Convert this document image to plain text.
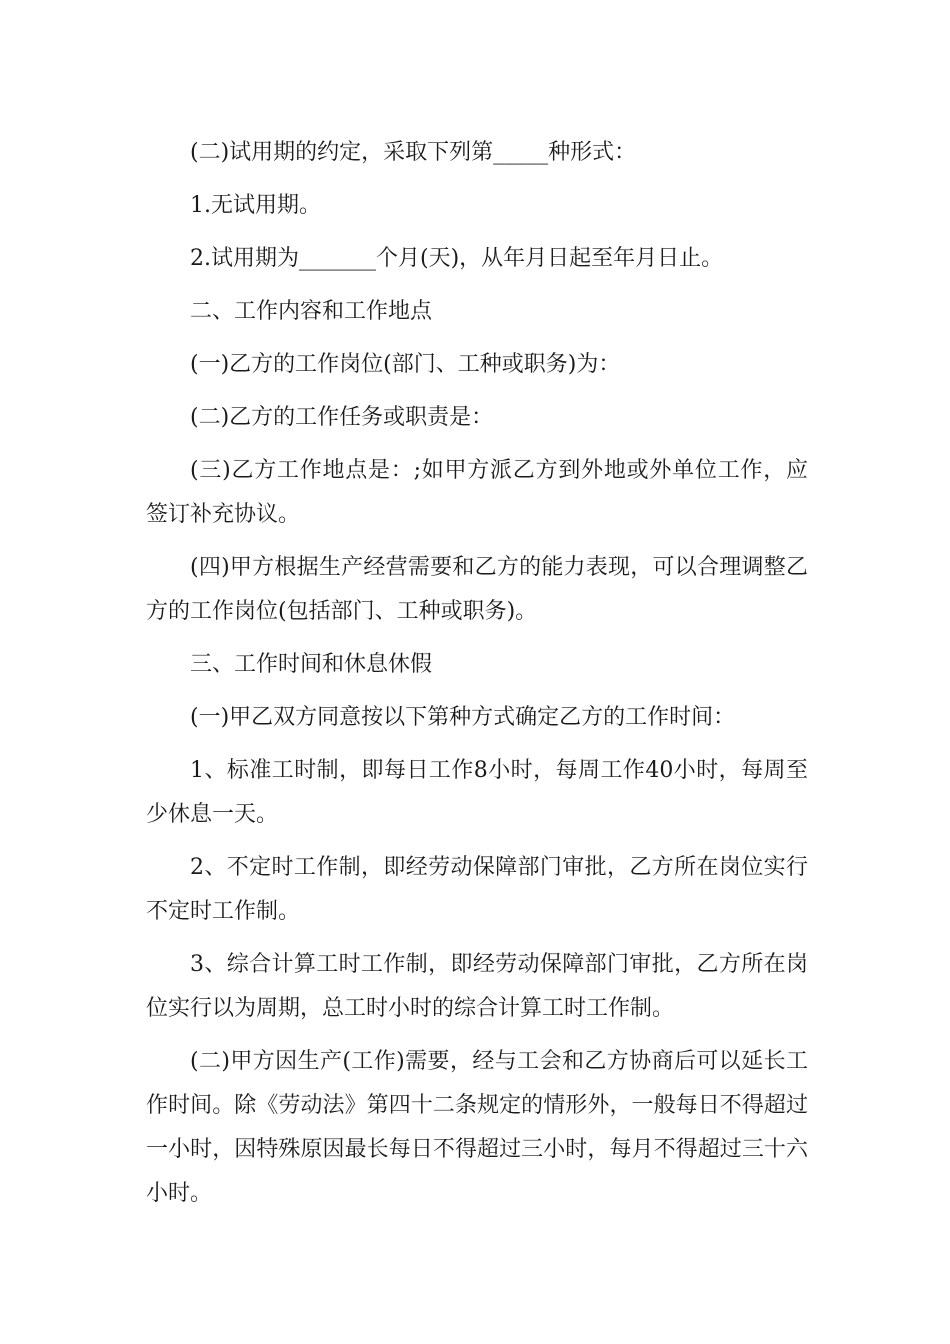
(二)试用期的约定，采取下列第_____种形式：

1.无试用期。

2.试用期为_______个月(天)，从年月日起至年月日止。

二、工作内容和工作地点

(一)乙方的工作岗位(部门、工种或职务)为：

(二)乙方的工作任务或职责是：

(三)乙方工作地点是：;如甲方派乙方到外地或外单位工作，应签订补充协议。

(四)甲方根据生产经营需要和乙方的能力表现，可以合理调整乙方的工作岗位(包括部门、工种或职务)。

三、工作时间和休息休假

(一)甲乙双方同意按以下第种方式确定乙方的工作时间：

1、标准工时制，即每日工作8小时，每周工作40小时，每周至少休息一天。

2、不定时工作制，即经劳动保障部门审批，乙方所在岗位实行不定时工作制。

3、综合计算工时工作制，即经劳动保障部门审批，乙方所在岗位实行以为周期，总工时小时的综合计算工时工作制。

(二)甲方因生产(工作)需要，经与工会和乙方协商后可以延长工作时间。除《劳动法》第四十二条规定的情形外，一般每日不得超过一小时，因特殊原因最长每日不得超过三小时，每月不得超过三十六小时。
